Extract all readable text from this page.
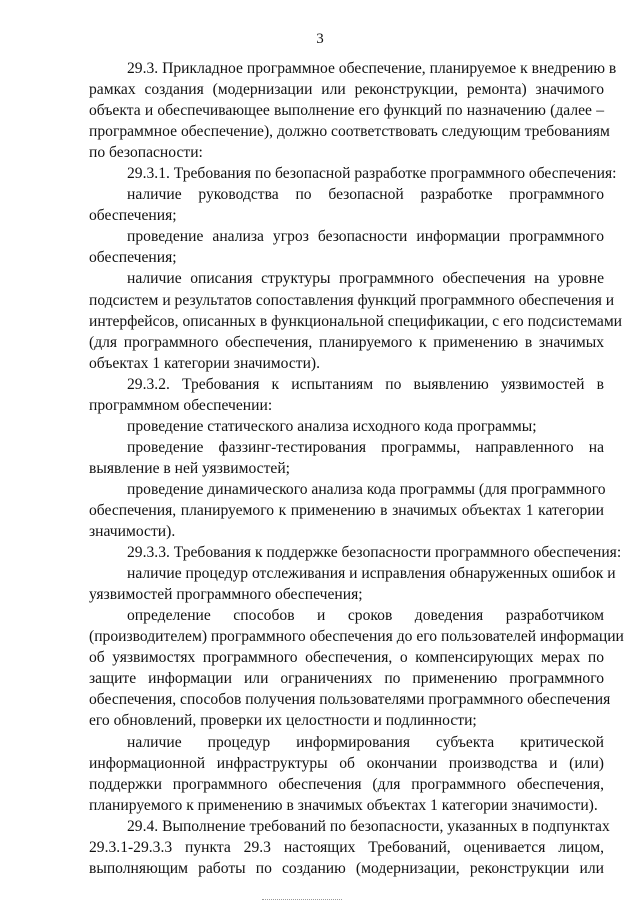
3
29.3. Прикладное программное обеспечение, планируемое к внедрению в
рамках создания (модернизации или реконструкции, ремонта) значимого
объекта и обеспечивающее выполнение его функций по назначению (далее –
программное обеспечение), должно соответствовать следующим требованиям
по безопасности:
29.3.1. Требования по безопасной разработке программного обеспечения:
наличие руководства по безопасной разработке программного
обеспечения;
проведение анализа угроз безопасности информации программного
обеспечения;
наличие описания структуры программного обеспечения на уровне
подсистем и результатов сопоставления функций программного обеспечения и
интерфейсов, описанных в функциональной спецификации, с его подсистемами
(для программного обеспечения, планируемого к применению в значимых
объектах 1 категории значимости).
29.3.2. Требования к испытаниям по выявлению уязвимостей в
программном обеспечении:
проведение статического анализа исходного кода программы;
проведение фаззинг-тестирования программы, направленного на
выявление в ней уязвимостей;
проведение динамического анализа кода программы (для программного
обеспечения, планируемого к применению в значимых объектах 1 категории
значимости).
29.3.3. Требования к поддержке безопасности программного обеспечения:
наличие процедур отслеживания и исправления обнаруженных ошибок и
уязвимостей программного обеспечения;
определение способов и сроков доведения разработчиком
(производителем) программного обеспечения до его пользователей информации
об уязвимостях программного обеспечения, о компенсирующих мерах по
защите информации или ограничениях по применению программного
обеспечения, способов получения пользователями программного обеспечения
его обновлений, проверки их целостности и подлинности;
наличие процедур информирования субъекта критической
информационной инфраструктуры об окончании производства и (или)
поддержки программного обеспечения (для программного обеспечения,
планируемого к применению в значимых объектах 1 категории значимости).
29.4. Выполнение требований по безопасности, указанных в подпунктах
29.3.1-29.3.3 пункта 29.3 настоящих Требований, оценивается лицом,
выполняющим работы по созданию (модернизации, реконструкции или
